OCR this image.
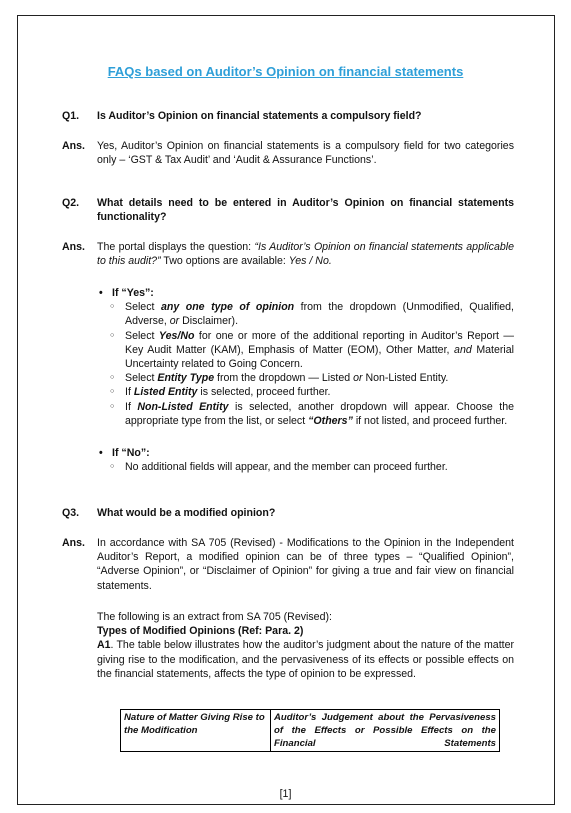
FAQs based on Auditor’s Opinion on financial statements
Q1.	Is Auditor’s Opinion on financial statements a compulsory field?
Ans.	Yes, Auditor’s Opinion on financial statements is a compulsory field for two categories only – ‘GST & Tax Audit’ and ‘Audit & Assurance Functions’.
Q2.	What details need to be entered in Auditor’s Opinion on financial statements functionality?
Ans.	The portal displays the question: “Is Auditor’s Opinion on financial statements applicable to this audit?” Two options are available: Yes / No.
• If “Yes”:
○ Select any one type of opinion from the dropdown (Unmodified, Qualified, Adverse, or Disclaimer).
○ Select Yes/No for one or more of the additional reporting in Auditor’s Report — Key Audit Matter (KAM), Emphasis of Matter (EOM), Other Matter, and Material Uncertainty related to Going Concern.
○ Select Entity Type from the dropdown — Listed or Non-Listed Entity.
○ If Listed Entity is selected, proceed further.
○ If Non-Listed Entity is selected, another dropdown will appear. Choose the appropriate type from the list, or select “Others” if not listed, and proceed further.
• If “No”:
○ No additional fields will appear, and the member can proceed further.
Q3.	What would be a modified opinion?
Ans.	In accordance with SA 705 (Revised) - Modifications to the Opinion in the Independent Auditor’s Report, a modified opinion can be of three types – “Qualified Opinion”, “Adverse Opinion”, or “Disclaimer of Opinion” for giving a true and fair view on financial statements.
The following is an extract from SA 705 (Revised):
Types of Modified Opinions (Ref: Para. 2)
A1. The table below illustrates how the auditor’s judgment about the nature of the matter giving rise to the modification, and the pervasiveness of its effects or possible effects on the financial statements, affects the type of opinion to be expressed.
Nature of Matter Giving Rise to the Modification	Auditor’s Judgement about the Pervasiveness of the Effects or Possible Effects on the Financial Statements
[1]
